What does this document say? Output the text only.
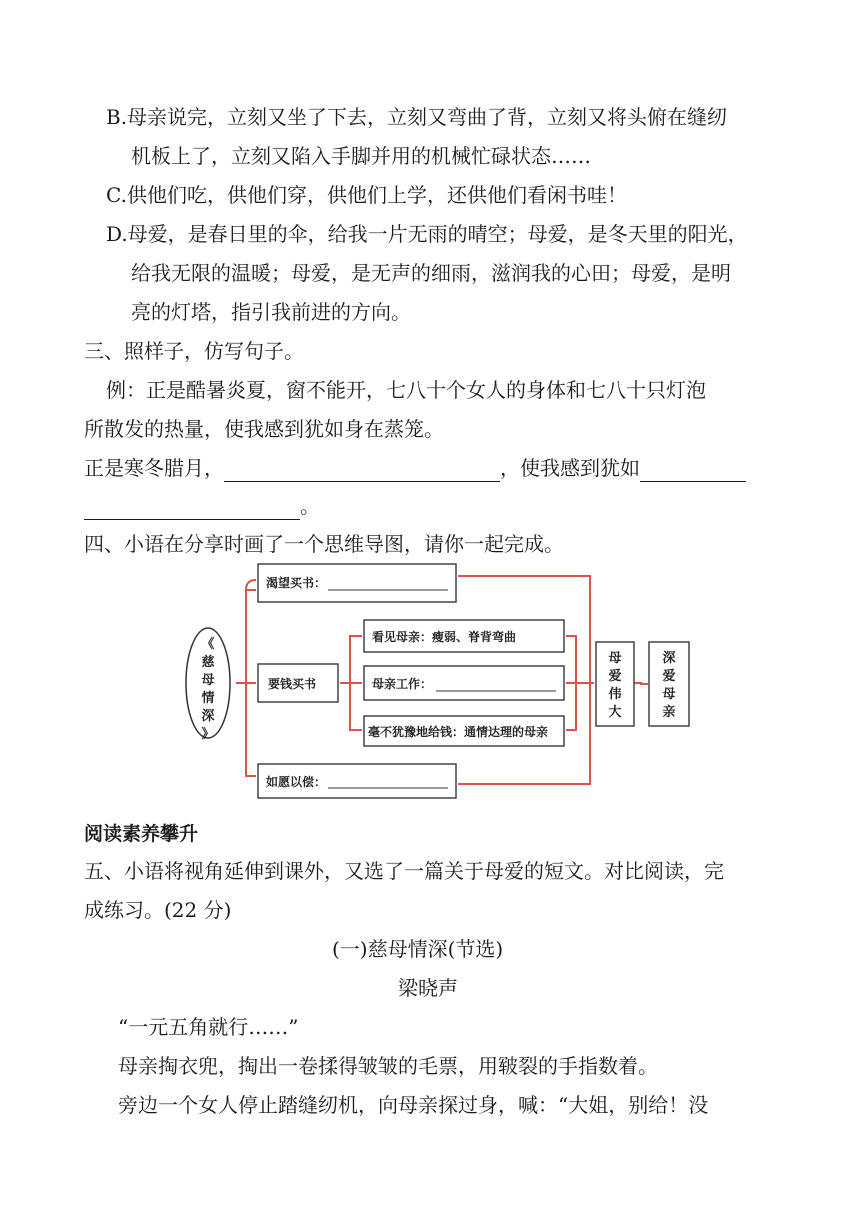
B.母亲说完，立刻又坐了下去，立刻又弯曲了背，立刻又将头俯在缝纫
机板上了，立刻又陷入手脚并用的机械忙碌状态……
C.供他们吃，供他们穿，供他们上学，还供他们看闲书哇！
D.母爱，是春日里的伞，给我一片无雨的晴空；母爱，是冬天里的阳光，
给我无限的温暖；母爱，是无声的细雨，滋润我的心田；母爱，是明
亮的灯塔，指引我前进的方向。
三、照样子，仿写句子。
例：正是酷暑炎夏，窗不能开，七八十个女人的身体和七八十只灯泡
所散发的热量，使我感到犹如身在蒸笼。
正是寒冬腊月，	，使我感到犹如
。
四、小语在分享时画了一个思维导图，请你一起完成。
《
慈
母
情
深
》
渴望买书：
要钱买书
如愿以偿：
看见母亲：瘦弱、脊背弯曲
母亲工作：
毫不犹豫地给钱：通情达理的母亲
母
爱
伟
大
深
爱
母
亲
阅读素养攀升
五、小语将视角延伸到课外，又选了一篇关于母爱的短文。对比阅读，完
成练习。(22 分)
(一)慈母情深(节选)
梁晓声
“一元五角就行……”
母亲掏衣兜，掏出一卷揉得皱皱的毛票，用皲裂的手指数着。
旁边一个女人停止踏缝纫机，向母亲探过身，喊：“大姐，别给！没
